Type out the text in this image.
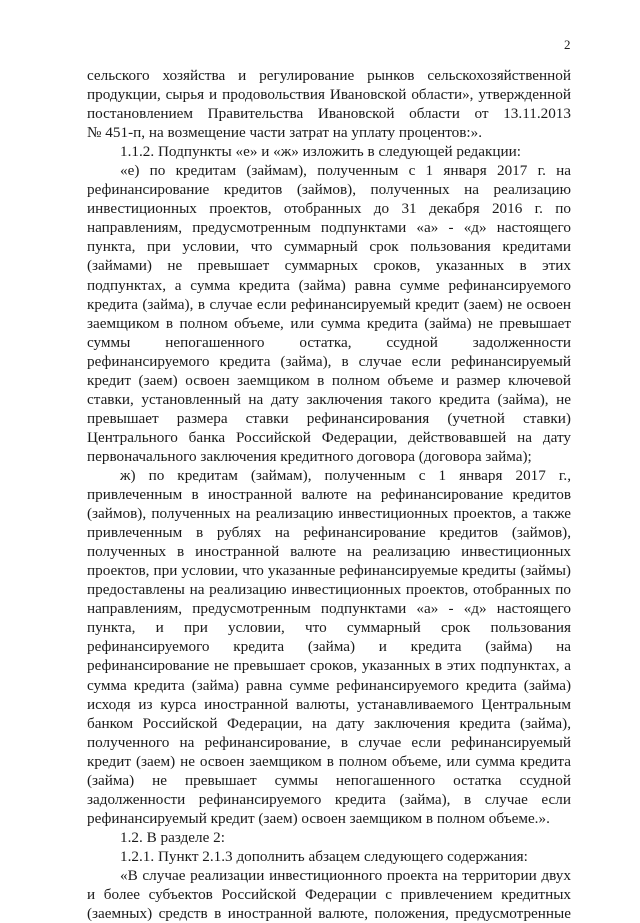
2
сельского хозяйства и регулирование рынков сельскохозяйственной
продукции, сырья и продовольствия Ивановской области», утвержденной
постановлением Правительства Ивановской области от 13.11.2013
№ 451-п, на возмещение части затрат на уплату процентов:».
1.1.2. Подпункты «е» и «ж» изложить в следующей редакции:
«е) по кредитам (займам), полученным с 1 января 2017 г. на
рефинансирование кредитов (займов), полученных на реализацию
инвестиционных проектов, отобранных до 31 декабря 2016 г. по
направлениям, предусмотренным подпунктами «а» - «д» настоящего
пункта, при условии, что суммарный срок пользования кредитами
(займами) не превышает суммарных сроков, указанных в этих
подпунктах, а сумма кредита (займа) равна сумме рефинансируемого
кредита (займа), в случае если рефинансируемый кредит (заем) не освоен
заемщиком в полном объеме, или сумма кредита (займа) не превышает
суммы непогашенного остатка, ссудной задолженности
рефинансируемого кредита (займа), в случае если рефинансируемый
кредит (заем) освоен заемщиком в полном объеме и размер ключевой
ставки, установленный на дату заключения такого кредита (займа), не
превышает размера ставки рефинансирования (учетной ставки)
Центрального банка Российской Федерации, действовавшей на дату
первоначального заключения кредитного договора (договора займа);
ж) по кредитам (займам), полученным с 1 января 2017 г.,
привлеченным в иностранной валюте на рефинансирование кредитов
(займов), полученных на реализацию инвестиционных проектов, а также
привлеченным в рублях на рефинансирование кредитов (займов),
полученных в иностранной валюте на реализацию инвестиционных
проектов, при условии, что указанные рефинансируемые кредиты (займы)
предоставлены на реализацию инвестиционных проектов, отобранных по
направлениям, предусмотренным подпунктами «а» - «д» настоящего
пункта, и при условии, что суммарный срок пользования
рефинансируемого кредита (займа) и кредита (займа) на
рефинансирование не превышает сроков, указанных в этих подпунктах, а
сумма кредита (займа) равна сумме рефинансируемого кредита (займа)
исходя из курса иностранной валюты, устанавливаемого Центральным
банком Российской Федерации, на дату заключения кредита (займа),
полученного на рефинансирование, в случае если рефинансируемый
кредит (заем) не освоен заемщиком в полном объеме, или сумма кредита
(займа) не превышает суммы непогашенного остатка ссудной
задолженности рефинансируемого кредита (займа), в случае если
рефинансируемый кредит (заем) освоен заемщиком в полном объеме.».
1.2. В разделе 2:
1.2.1. Пункт 2.1.3 дополнить абзацем следующего содержания:
«В случае реализации инвестиционного проекта на территории двух
и более субъектов Российской Федерации с привлечением кредитных
(заемных) средств в иностранной валюте, положения, предусмотренные
